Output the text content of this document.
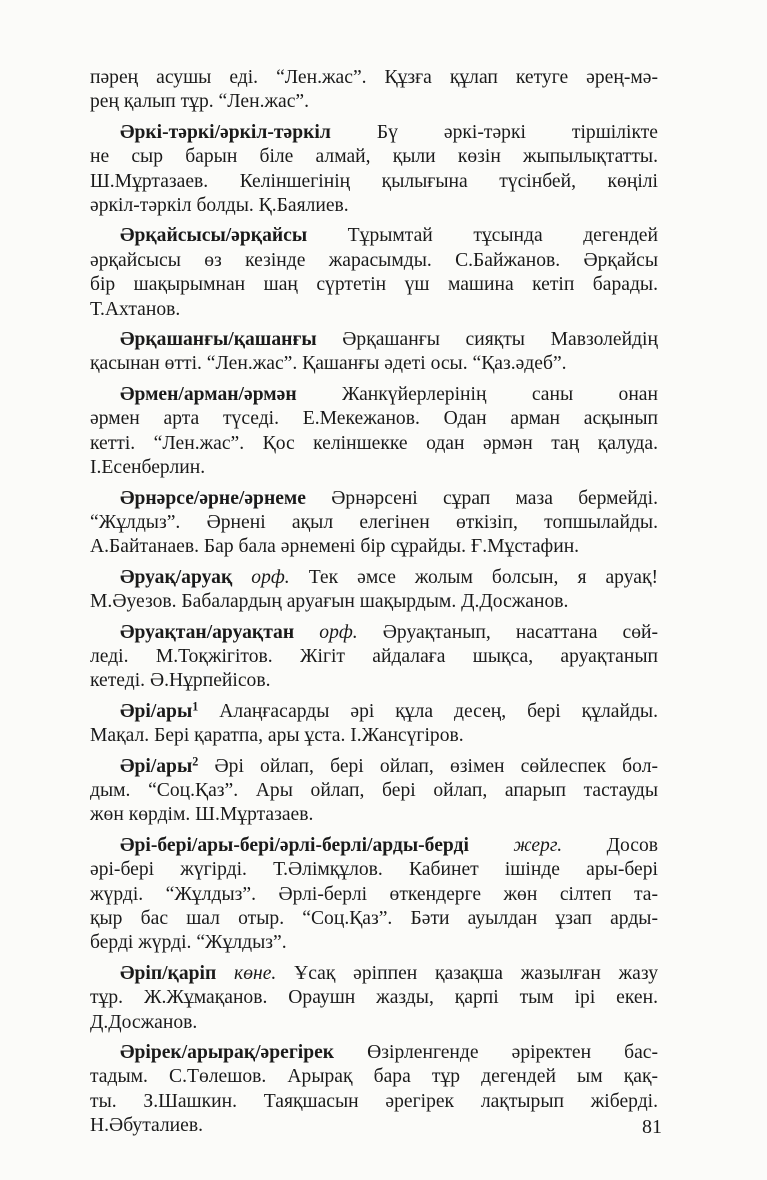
пәрең асушы еді. “Лен.жас”. Құзға құлап кетуге әрең-мә-
рең қалып тұр. “Лен.жас”.
Әркі-тәркі/әркіл-тәркіл Бү әркі-тәркі тіршілікте
не сыр барын біле алмай, қыли көзін жыпылықтатты.
Ш.Мұртазаев. Келіншегінің қылығына түсінбей, көңілі
әркіл-тәркіл болды. Қ.Баялиев.
Әрқайсысы/әрқайсы Тұрымтай тұсында дегендей
әрқайсысы өз кезінде жарасымды. С.Байжанов. Әрқайсы
бір шақырымнан шаң сүртетін үш машина кетіп барады.
Т.Ахтанов.
Әрқашанғы/қашанғы Әрқашанғы сияқты Мавзолейдің
қасынан өтті. “Лен.жас”. Қашанғы әдеті осы. “Қаз.әдеб”.
Әрмен/арман/әрмән Жанкүйерлерінің саны онан
әрмен арта түседі. Е.Мекежанов. Одан арман асқынып
кетті. “Лен.жас”. Қос келіншекке одан әрмән таң қалуда.
І.Есенберлин.
Әрнәрсе/әрне/әрнеме Әрнәрсені сұрап маза бермейді.
“Жұлдыз”. Әрнені ақыл елегінен өткізіп, топшылайды.
А.Байтанаев. Бар бала әрнемені бір сұрайды. Ғ.Мұстафин.
Әруақ/аруақ орф. Тек әмсе жолым болсын, я аруақ!
М.Әуезов. Бабалардың аруағын шақырдым. Д.Досжанов.
Әруақтан/аруақтан орф. Әруақтанып, насаттана сөй-
леді. М.Тоқжігітов. Жігіт айдалаға шықса, аруақтанып
кетеді. Ә.Нұрпейісов.
Әрі/ары$^1$ Алаңғасарды әрі құла десең, бері құлайды.
Мақал. Бері қаратпа, ары ұста. І.Жансүгіров.
Әрі/ары$^2$ Әрі ойлап, бері ойлап, өзімен сөйлеспек бол-
дым. “Соц.Қаз”. Ары ойлап, бері ойлап, апарып тастауды
жөн көрдім. Ш.Мұртазаев.
Әрі-бері/ары-бері/әрлі-берлі/арды-берді жерг. Досов
әрі-бері жүгірді. Т.Әлімқұлов. Кабинет ішінде ары-бері
жүрді. “Жұлдыз”. Әрлі-берлі өткендерге жөн сілтеп та-
қыр бас шал отыр. “Соц.Қаз”. Бәти ауылдан ұзап арды-
берді жүрді. “Жұлдыз”.
Әріп/қаріп көне. Ұсақ әріппен қазақша жазылған жазу
тұр. Ж.Жұмақанов. Ораушн жазды, қарпі тым ірі екен.
Д.Досжанов.
Әрірек/арырақ/әрегірек Өзірленгенде әріректен бас-
тадым. С.Төлешов. Арырақ бара тұр дегендей ым қақ-
ты. З.Шашкин. Таяқшасын әрегірек лақтырып жіберді.
Н.Әбуталиев.	81
